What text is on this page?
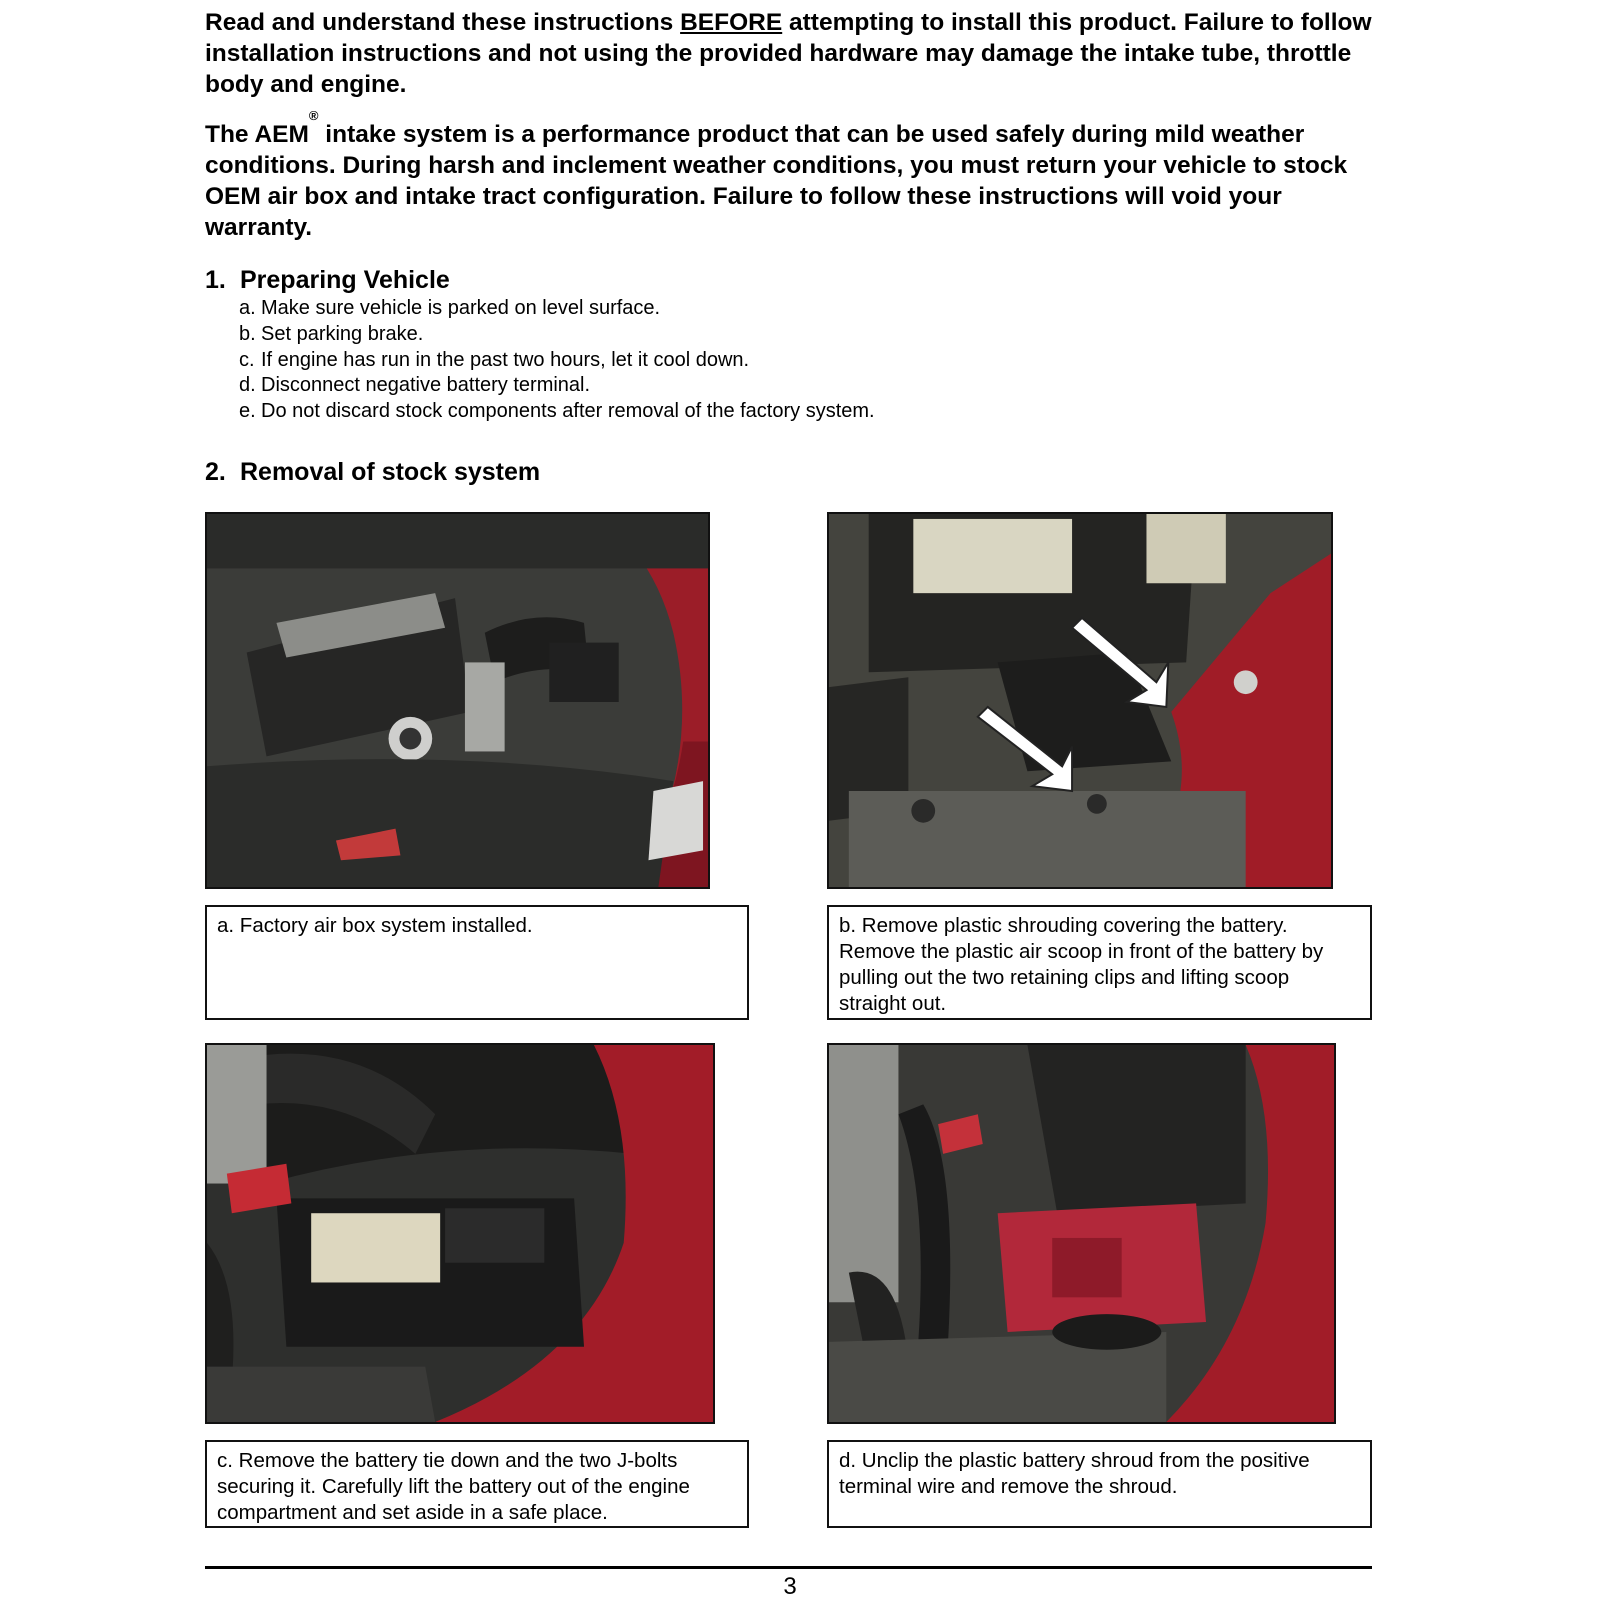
Read and understand these instructions BEFORE attempting to install this product. Failure to follow installation instructions and not using the provided hardware may damage the intake tube, throttle body and engine.

The AEM® intake system is a performance product that can be used safely during mild weather conditions. During harsh and inclement weather conditions, you must return your vehicle to stock OEM air box and intake tract configuration. Failure to follow these instructions will void your warranty.

1. Preparing Vehicle
a. Make sure vehicle is parked on level surface.
b. Set parking brake.
c. If engine has run in the past two hours, let it cool down.
d. Disconnect negative battery terminal.
e. Do not discard stock components after removal of the factory system.
2. Removal of stock system

a. Factory air box system installed.	b. Remove plastic shrouding covering the battery. Remove the plastic air scoop in front of the battery by pulling out the two retaining clips and lifting scoop straight out.

c. Remove the battery tie down and the two J-bolts securing it. Carefully lift the battery out of the engine compartment and set aside in a safe place.

d. Unclip the plastic battery shroud from the positive terminal wire and remove the shroud.

3
